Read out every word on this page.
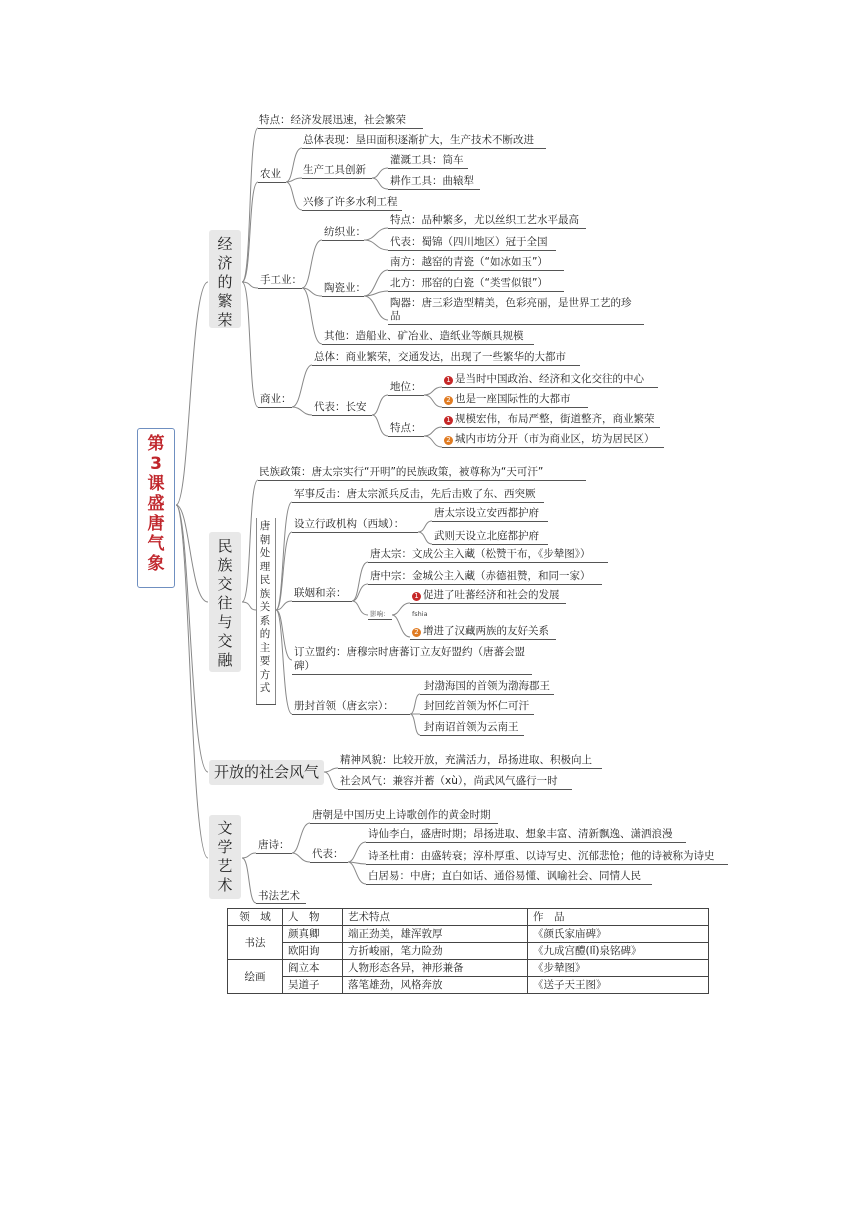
第
3
课
盛
唐
气
象
经
济
的
繁
荣
民
族
交
往
与
交
融
开放的社会风气
文
学
艺
术
特点：经济发展迅速，社会繁荣
农业
总体表现：垦田面积逐渐扩大，生产技术不断改进
生产工具创新
灌溉工具：筒车
耕作工具：曲辕犁
兴修了许多水利工程
手工业：
纺织业：
特点：品种繁多，尤以丝织工艺水平最高
代表：蜀锦（四川地区）冠于全国
陶瓷业：
南方：越窑的青瓷（“如冰如玉”）
北方：邢窑的白瓷（“类雪似银”）
陶器：唐三彩造型精美，色彩亮丽，是世界工艺的珍
品
其他：造船业、矿冶业、造纸业等颇具规模
商业：
总体：商业繁荣，交通发达，出现了一些繁华的大都市
代表：长安
地位：
1 是当时中国政治、经济和文化交往的中心
2 也是一座国际性的大都市
特点：
1 规模宏伟，布局严整，街道整齐，商业繁荣
2 城内市坊分开（市为商业区，坊为居民区）
民族政策：唐太宗实行“开明”的民族政策，被尊称为“天可汗”
唐
朝
处
理
民
族
关
系
的
主
要
方
式
军事反击：唐太宗派兵反击，先后击败了东、西突厥
设立行政机构（西域）：
唐太宗设立安西都护府
武则天设立北庭都护府
联姻和亲：
唐太宗：文成公主入藏（松赞干布，《步辇图》）
唐中宗：金城公主入藏（赤德祖赞，和同一家）
影响：	fshia
1 促进了吐蕃经济和社会的发展
2 增进了汉藏两族的友好关系
订立盟约：唐穆宗时唐蕃订立友好盟约（唐蕃会盟
碑）
册封首领（唐玄宗）：
封渤海国的首领为渤海郡王
封回纥首领为怀仁可汗
封南诏首领为云南王
精神风貌：比较开放，充满活力，昂扬进取、积极向上
社会风气：兼容并蓄（xù），尚武风气盛行一时
唐诗：
唐朝是中国历史上诗歌创作的黄金时期
代表：
诗仙李白，盛唐时期；昂扬进取、想象丰富、清新飘逸、潇洒浪漫
诗圣杜甫：由盛转衰；淳朴厚重、以诗写史、沉郁悲怆；他的诗被称为诗史
白居易：中唐；直白如话、通俗易懂、讽喻社会、同情人民
书法艺术
领　域	人　物	艺术特点	作　品
书法	颜真卿	端正劲美，雄浑敦厚	《颜氏家庙碑》
	欧阳询	方折峻丽，笔力险劲	《九成宫醴(lǐ)泉铭碑》
绘画	阎立本	人物形态各异，神形兼备	《步辇图》
	吴道子	落笔雄劲，风格奔放	《送子天王图》
